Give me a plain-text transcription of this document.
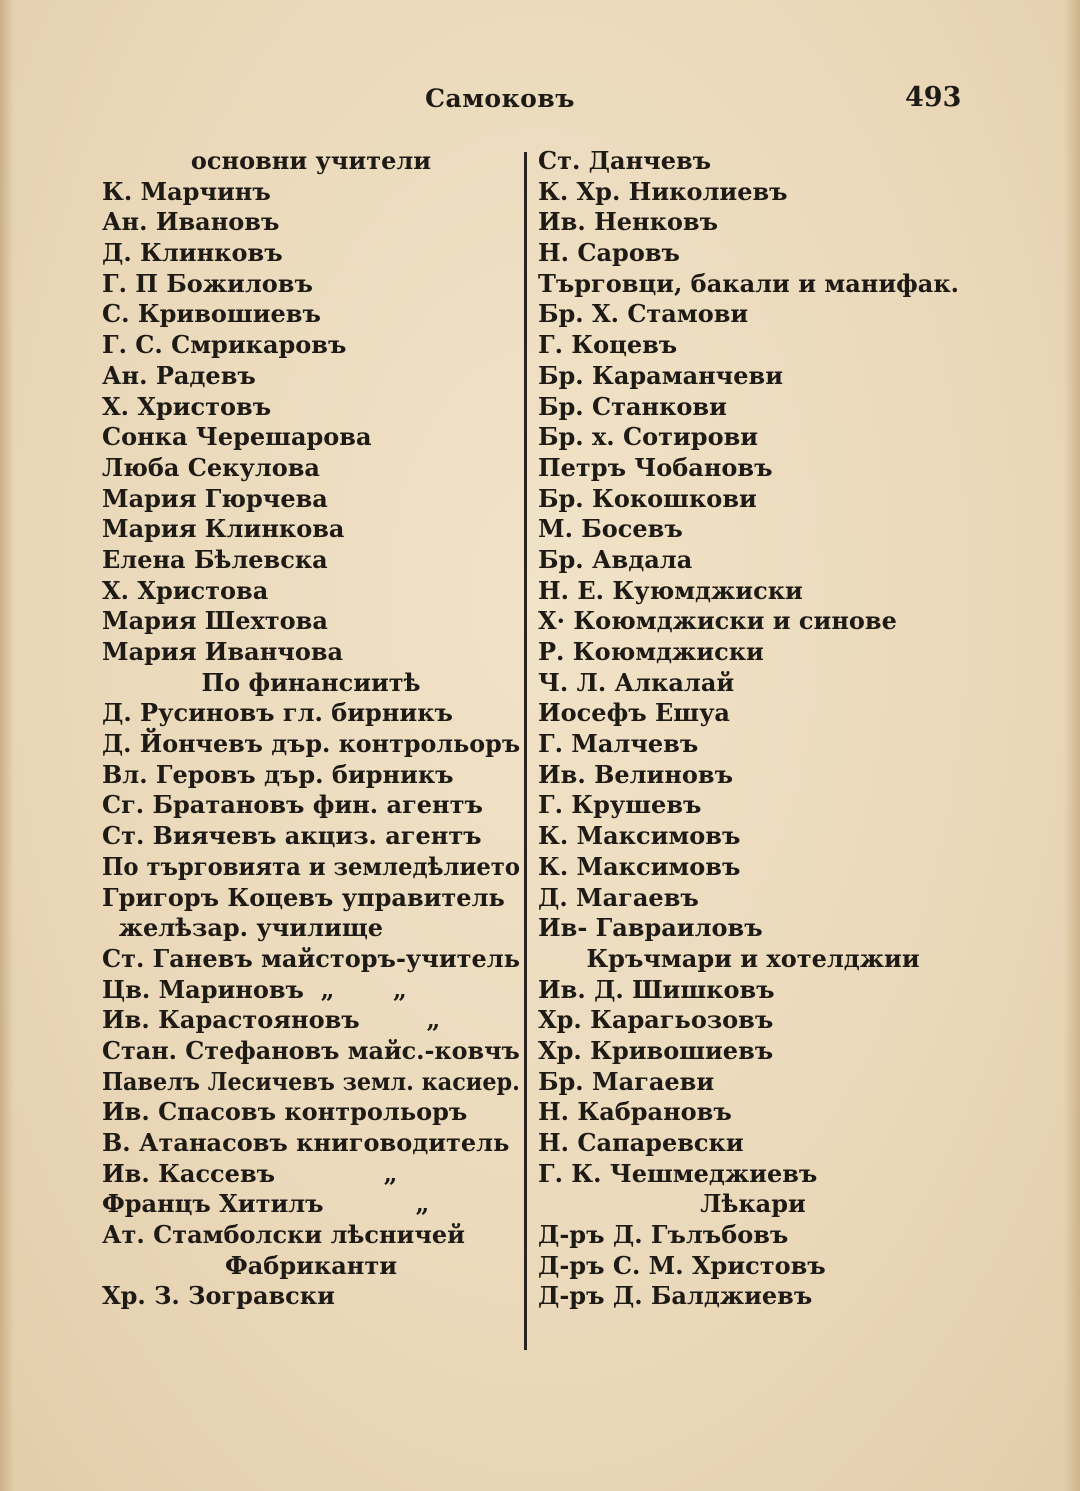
Самоковъ	493
основни учители
К. Марчинъ
Ан. Ивановъ
Д. Клинковъ
Г. П Божиловъ
С. Кривошиевъ
Г. С. Смрикаровъ
Ан. Радевъ
Х. Христовъ
Сонка Черешарова
Люба Секулова
Мария Гюрчева
Мария Клинкова
Елена Бѣлевска
Х. Христова
Мария Шехтова
Мария Иванчова
По финансиитѣ
Д. Русиновъ гл. бирникъ
Д. Йончевъ дър. контрольоръ
Вл. Геровъ дър. бирникъ
Сг. Братановъ фин. агентъ
Ст. Виячевъ акциз. агентъ
По търговията и земледѣлието
Григоръ Коцевъ управитель
желѣзар. училище
Ст. Ганевъ майсторъ-учитель
Цв. Мариновъ  „       „
Ив. Карастояновъ        „
Стан. Стефановъ майс.-ковчъ
Павелъ Лесичевъ земл. касиер.
Ив. Спасовъ контрольоръ
В. Атанасовъ книговодитель
Ив. Кассевъ             „
Францъ Хитилъ           „
Ат. Стамболски лѣсничей
Фабриканти
Хр. З. Зогравски
Ст. Данчевъ
К. Хр. Николиевъ
Ив. Ненковъ
Н. Саровъ
Търговци, бакали и манифак.
Бр. Х. Стамови
Г. Коцевъ
Бр. Караманчеви
Бр. Станкови
Бр. х. Сотирови
Петръ Чобановъ
Бр. Кокошкови
М. Босевъ
Бр. Авдала
Н. Е. Куюмджиски
Х· Коюмджиски и синове
Р. Коюмджиски
Ч. Л. Алкалай
Иосефъ Ешуа
Г. Малчевъ
Ив. Велиновъ
Г. Крушевъ
К. Максимовъ
К. Максимовъ
Д. Магаевъ
Ив- Гавраиловъ
Кръчмари и хотелджии
Ив. Д. Шишковъ
Хр. Карагьозовъ
Хр. Кривошиевъ
Бр. Магаеви
Н. Кабрановъ
Н. Сапаревски
Г. К. Чешмеджиевъ
Лѣкари
Д-ръ Д. Гълъбовъ
Д-ръ С. М. Христовъ
Д-ръ Д. Балджиевъ
